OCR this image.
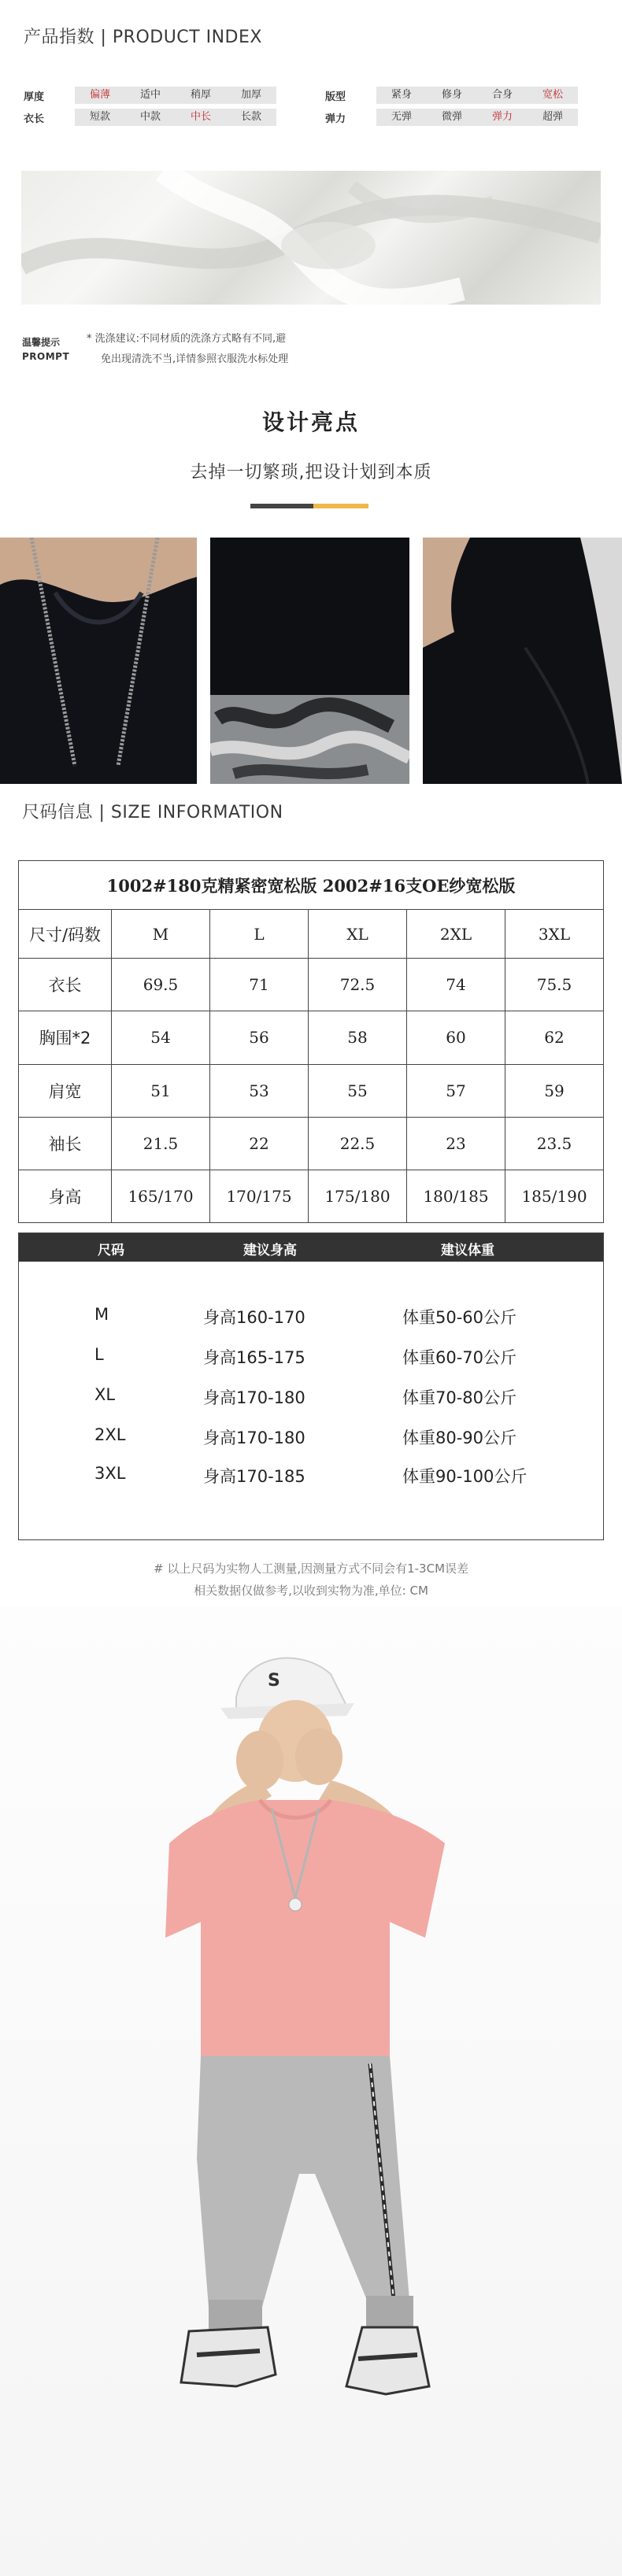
产品指数 | PRODUCT INDEX
厚度	偏薄	适中	稍厚	加厚
衣长	短款	中款	中长	长款
版型	紧身	修身	合身	宽松
弹力	无弹	微弹	弹力	超弹
温馨提示
PROMPT
* 洗涤建议:不同材质的洗涤方式略有不同,避
免出现清洗不当,详情参照衣服洗水标处理
设计亮点
去掉一切繁琐,把设计划到本质
尺码信息 | SIZE INFORMATION
1002#180克精紧密宽松版 2002#16支OE纱宽松版					
尺寸/码数	M	L	XL	2XL	3XL
衣长	69.5	71	72.5	74	75.5
胸围*2	54	56	58	60	62
肩宽	51	53	55	57	59
袖长	21.5	22	22.5	23	23.5
身高	165/170	170/175	175/180	180/185	185/190
尺码	建议身高	建议体重
M	身高160-170	体重50-60公斤
L	身高165-175	体重60-70公斤
XL	身高170-180	体重70-80公斤
2XL	身高170-180	体重80-90公斤
3XL	身高170-185	体重90-100公斤
# 以上尺码为实物人工测量,因测量方式不同会有1-3CM误差
相关数据仅做参考,以收到实物为准,单位: CM
S
